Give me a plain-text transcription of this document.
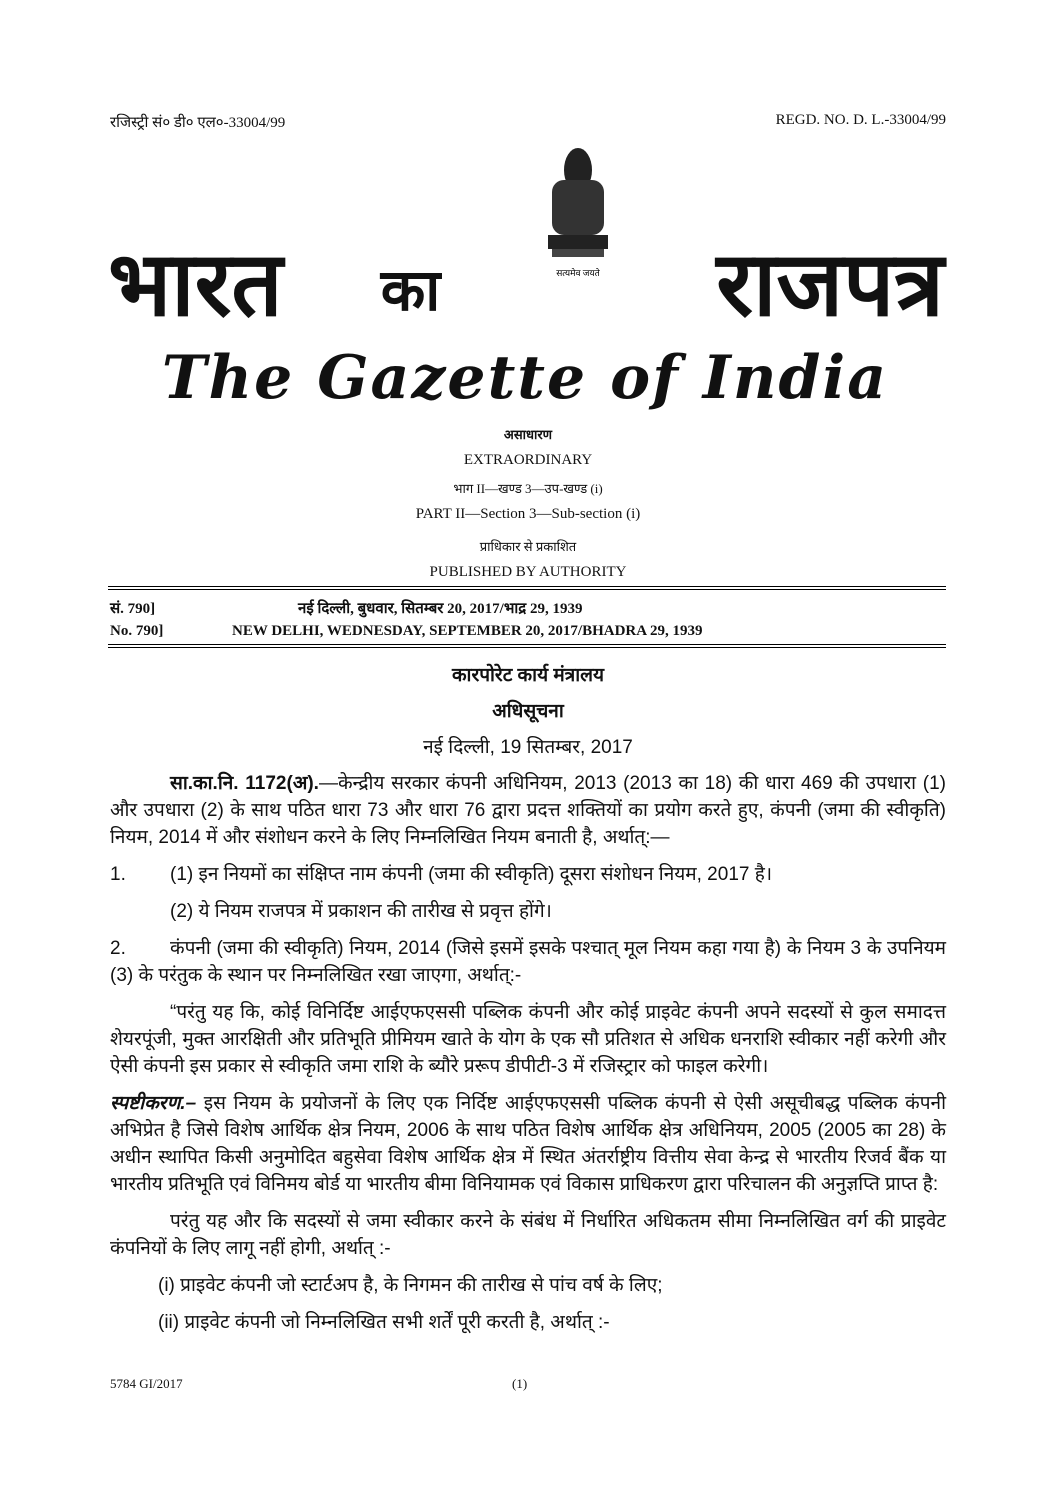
रजिस्ट्री सं० डी० एल०-33004/99	REGD. NO. D. L.-33004/99
भारत का	सत्यमेव जयते राजपत्र
The Gazette of India
असाधारण
EXTRAORDINARY
भाग II—खण्ड 3—उप-खण्ड (i)
PART II—Section 3—Sub-section (i)
प्राधिकार से प्रकाशित
PUBLISHED BY AUTHORITY
सं. 790]	नई दिल्ली, बुधवार, सितम्बर 20, 2017/भाद्र 29, 1939
No. 790]	NEW DELHI, WEDNESDAY, SEPTEMBER 20, 2017/BHADRA 29, 1939
कारपोरेट कार्य मंत्रालय
अधिसूचना
नई दिल्ली, 19 सितम्बर, 2017

सा.का.नि. 1172(अ).—केन्द्रीय सरकार कंपनी अधिनियम, 2013 (2013 का 18) की धारा 469 की उपधारा (1) और उपधारा (2) के साथ पठित धारा 73 और धारा 76 द्वारा प्रदत्त शक्तियों का प्रयोग करते हुए, कंपनी (जमा की स्वीकृति) नियम, 2014 में और संशोधन करने के लिए निम्नलिखित नियम बनाती है, अर्थात्:—

1. (1) इन नियमों का संक्षिप्त नाम कंपनी (जमा की स्वीकृति) दूसरा संशोधन नियम, 2017 है।

(2) ये नियम राजपत्र में प्रकाशन की तारीख से प्रवृत्त होंगे।

2. कंपनी (जमा की स्वीकृति) नियम, 2014 (जिसे इसमें इसके पश्चात् मूल नियम कहा गया है) के नियम 3 के उपनियम (3) के परंतुक के स्थान पर निम्नलिखित रखा जाएगा, अर्थात्:-

“परंतु यह कि, कोई विनिर्दिष्ट आईएफएससी पब्लिक कंपनी और कोई प्राइवेट कंपनी अपने सदस्यों से कुल समादत्त शेयरपूंजी, मुक्त आरक्षिती और प्रतिभूति प्रीमियम खाते के योग के एक सौ प्रतिशत से अधिक धनराशि स्वीकार नहीं करेगी और ऐसी कंपनी इस प्रकार से स्वीकृति जमा राशि के ब्यौरे प्ररूप डीपीटी-3 में रजिस्ट्रार को फाइल करेगी।

स्पष्टीकरण.– इस नियम के प्रयोजनों के लिए एक निर्दिष्ट आईएफएससी पब्लिक कंपनी से ऐसी असूचीबद्ध पब्लिक कंपनी अभिप्रेत है जिसे विशेष आर्थिक क्षेत्र नियम, 2006 के साथ पठित विशेष आर्थिक क्षेत्र अधिनियम, 2005 (2005 का 28) के अधीन स्थापित किसी अनुमोदित बहुसेवा विशेष आर्थिक क्षेत्र में स्थित अंतर्राष्ट्रीय वित्तीय सेवा केन्द्र से भारतीय रिजर्व बैंक या भारतीय प्रतिभूति एवं विनिमय बोर्ड या भारतीय बीमा विनियामक एवं विकास प्राधिकरण द्वारा परिचालन की अनुज्ञप्ति प्राप्त है:

परंतु यह और कि सदस्यों से जमा स्वीकार करने के संबंध में निर्धारित अधिकतम सीमा निम्नलिखित वर्ग की प्राइवेट कंपनियों के लिए लागू नहीं होगी, अर्थात् :-

(i) प्राइवेट कंपनी जो स्टार्टअप है, के निगमन की तारीख से पांच वर्ष के लिए;

(ii) प्राइवेट कंपनी जो निम्नलिखित सभी शर्तें पूरी करती है, अर्थात् :-

5784 GI/2017	(1)
